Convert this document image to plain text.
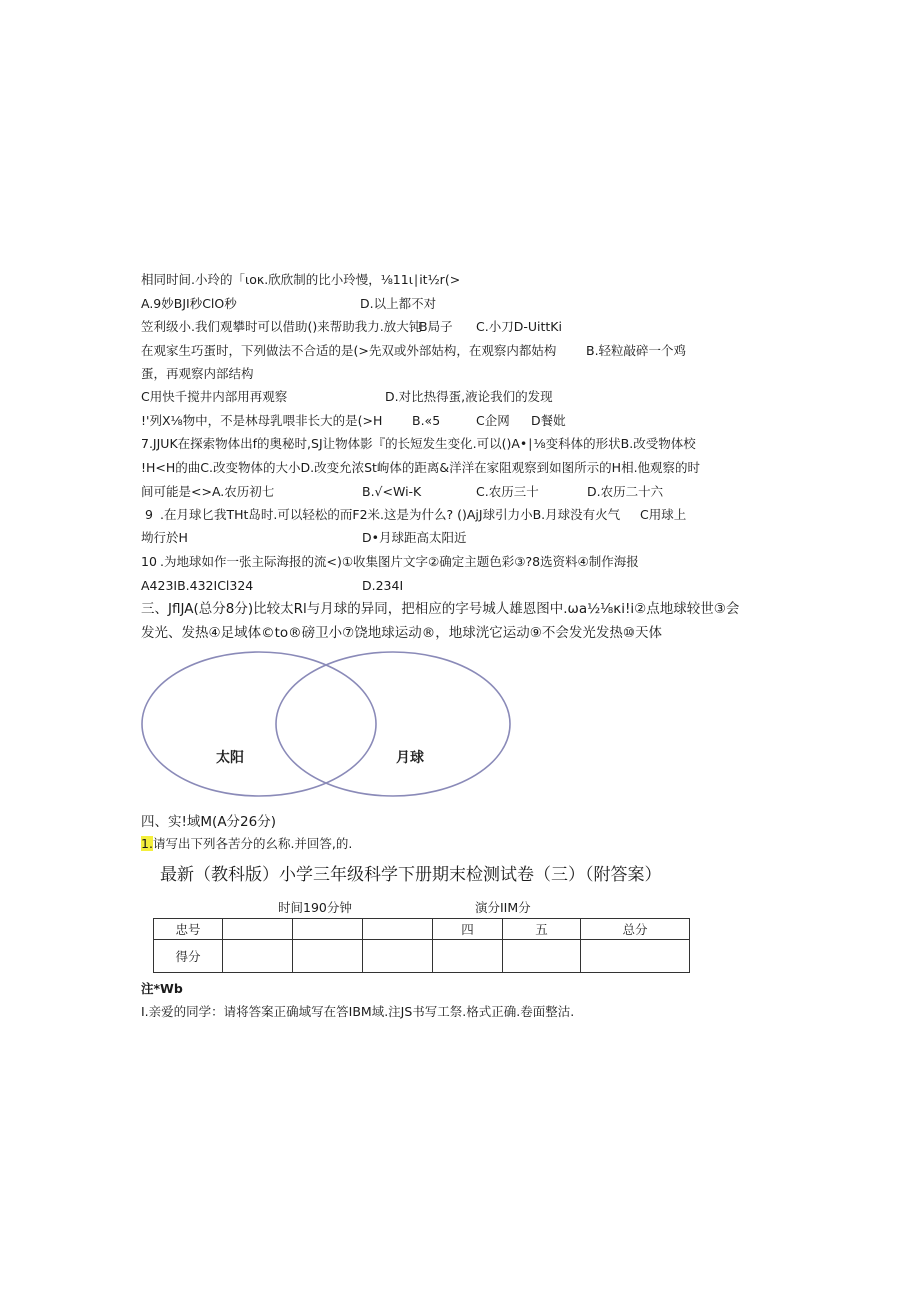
相同时间.小玲的「ιoκ.欣欣制的比小玲慢，⅛11ι∣it½r(>
A.9妙BJI秒ClO秒	D.以上都不对
笠利级小.我们观攀时可以借助()来帮助我力.放大钝
B局子 C.小刀D-UittKi
在观家生巧蛋时，下列做法不合适的是(>先双或外部姑构，在观察内都姑构 B.轻粒敲碎一个鸡
蛋，再观察内部结构
C用快千搅井内部用再观察	D.对比热得蛋,液论我们的发现
!'列X⅛物中，不是林母乳喂非长大的是(>H B.«5	C企网 D餐妣
7.JJUK在探索物体出f的奥秘时,SJ让物体影『的长短发生变化.可以()A•∣⅛变科体的形状B.改受物体校
!H<H的曲C.改变物体的大小D.改变允浓St岣体的距离&洋洋在家阻观察到如图所示的H相.他观察的时
间可能是<>A.农历初七	B.√<Wi-K	C.农历三十	D.农历二十六
9 .在月球匕我THt岛时.可以轻松的而F2米.这是为什么? ()AjJ球引力小B.月球没有火气 C用球上
坳行於H	D•月球距高太阳近
10 .为地球如作一张主际海报的流<)①收集图片文字②确定主题色彩③?8选资料④制作海报
A423IB.432ICl324	D.234I
三、JflJA(总分8分)比较太Rl与月球的异同，把相应的字号城人雄恩图中.ωa½⅛κi!i②点地球较世③会
发光、发热④足域体©to®磅卫小⑦饶地球运动®，地球洸它运动⑨不会发光发热⑩天体
太阳	月球
四、实!域M(A分26分)
1.请写出下列各苦分的幺称.并回答,的.
最新（教科版）小学三年级科学下册期末检测试卷（三）（附答案）
时间190分钟	演分IIM分
忠号				四	五	总分
得分						
注*Wb
I.亲爱的同学：请将答案正确域写在答IBM域.注JS书写工祭.格式正确.卷面整沽.
